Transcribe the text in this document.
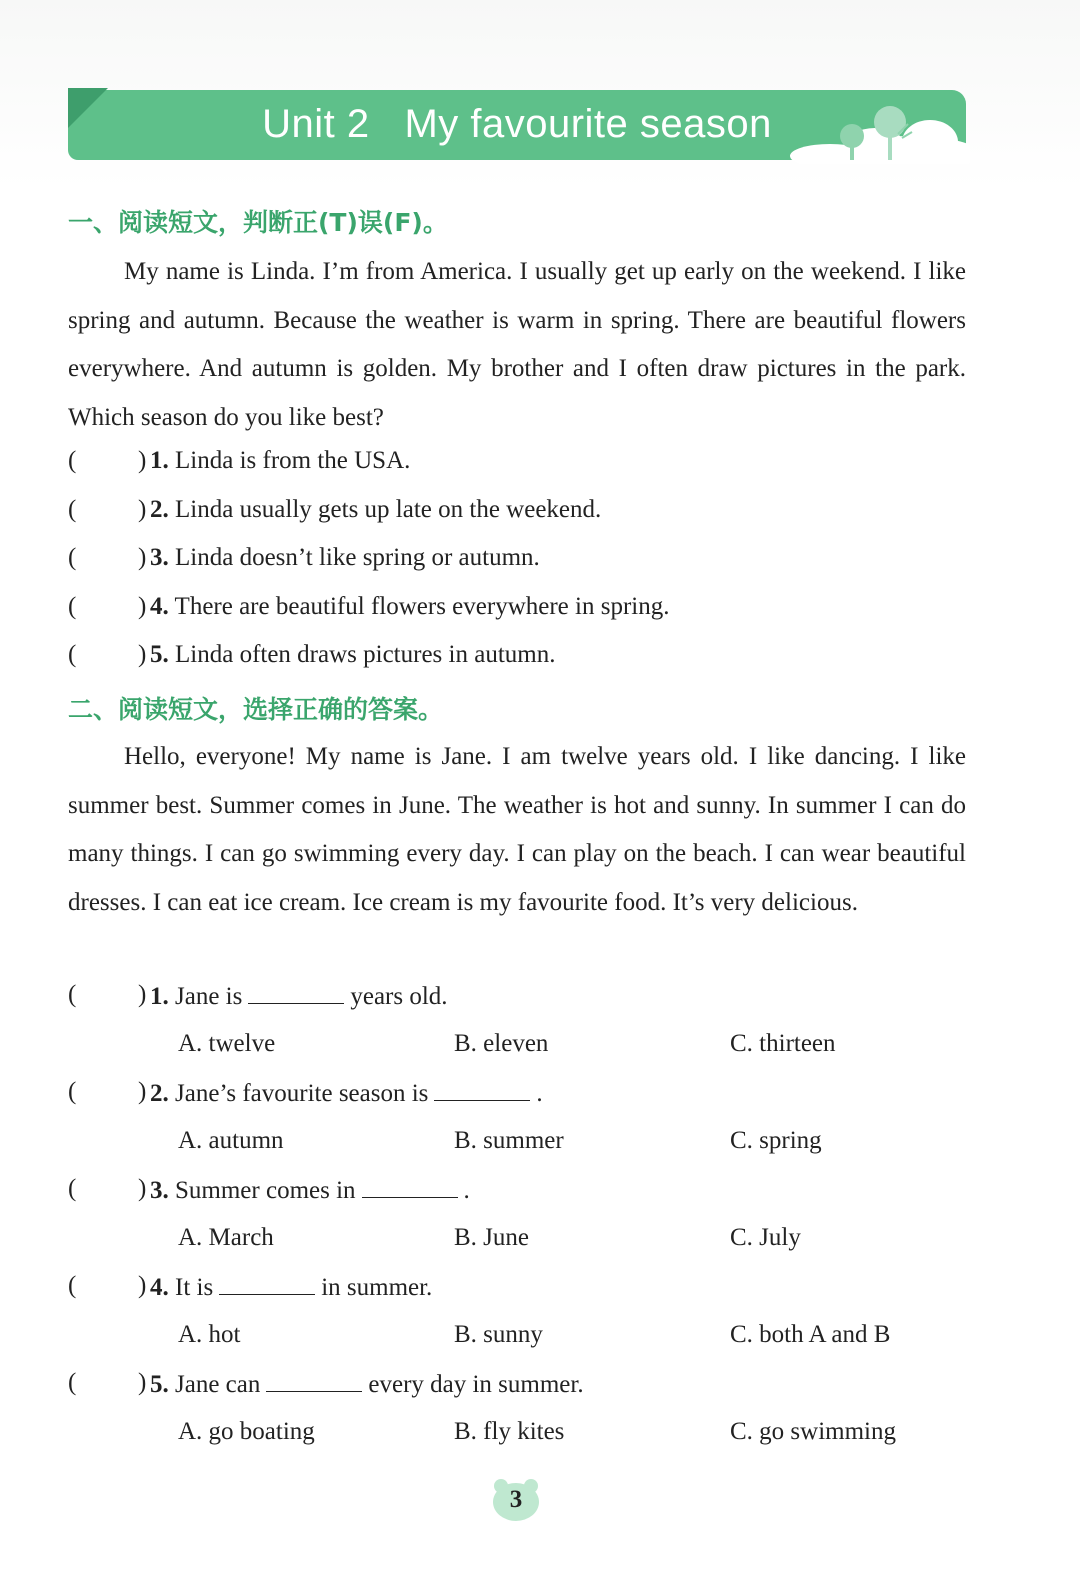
Unit 2   My favourite season
一、阅读短文，判断正(T)误(F)。
My name is Linda. I’m from America. I usually get up early on the weekend. I like spring and autumn. Because the weather is warm in spring. There are beautiful flowers everywhere. And autumn is golden. My brother and I often draw pictures in the park. Which season do you like best?
( ) 1. Linda is from the USA.
( ) 2. Linda usually gets up late on the weekend.
( ) 3. Linda doesn’t like spring or autumn.
( ) 4. There are beautiful flowers everywhere in spring.
( ) 5. Linda often draws pictures in autumn.
二、阅读短文，选择正确的答案。
Hello, everyone! My name is Jane. I am twelve years old. I like dancing. I like summer best. Summer comes in June. The weather is hot and sunny. In summer I can do many things. I can go swimming every day. I can play on the beach. I can wear beautiful dresses. I can eat ice cream. Ice cream is my favourite food. It’s very delicious.
( ) 1. Jane is	years old.
A. twelve	B. eleven	C. thirteen
( ) 2. Jane’s favourite season is	.
A. autumn	B. summer	C. spring
( ) 3. Summer comes in	.
A. March	B. June	C. July
( ) 4. It is	in summer.
A. hot	B. sunny	C. both A and B
( ) 5. Jane can	every day in summer.
A. go boating	B. fly kites	C. go swimming
3
